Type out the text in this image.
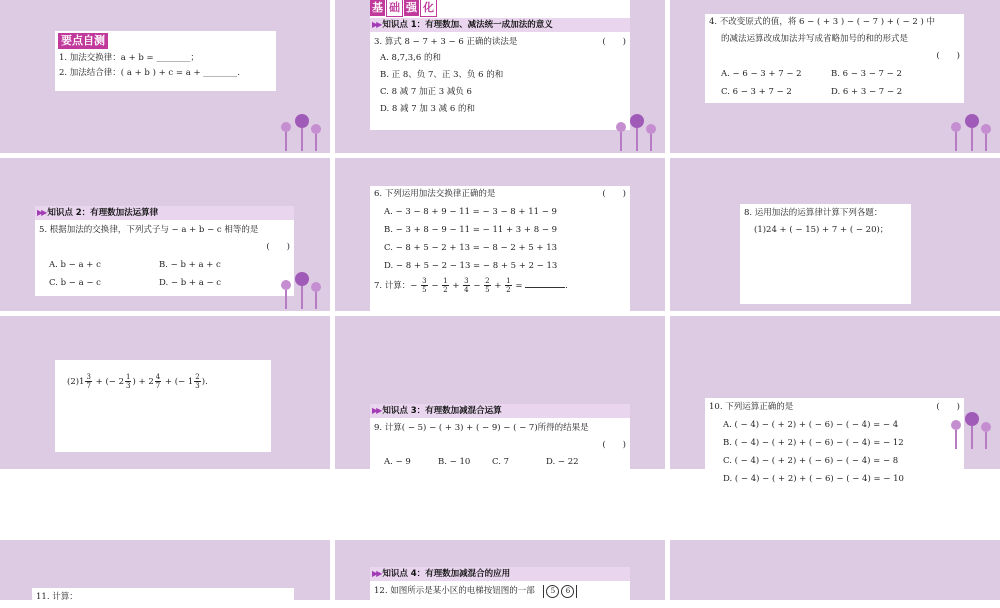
要点自测
1. 加法交换律：a + b = ________；
2. 加法结合律：( a + b ) + c = a + ________.
基 础 强 化
▶▶ 知识点 1：有理数加、减法统一成加法的意义
3. 算式 8 − 7 + 3 − 6 正确的读法是	(　　)
A. 8,7,3,6 的和
B. 正 8、负 7、正 3、负 6 的和
C. 8 减 7 加正 3 减负 6
D. 8 减 7 加 3 减 6 的和
4. 不改变原式的值，将 6 − ( + 3 ) − ( − 7 ) + ( − 2 ) 中
的减法运算改成加法并写成省略加号的和的形式是
(　　)
A. − 6 − 3 + 7 − 2	B. 6 − 3 − 7 − 2
C. 6 − 3 + 7 − 2	D. 6 + 3 − 7 − 2
▶▶ 知识点 2：有理数加法运算律
5. 根据加法的交换律，下列式子与 − a + b − c 相等的是
(　　)
A. b − a + c	B. − b + a + c
C. b − a − c	D. − b + a − c
6. 下列运用加法交换律正确的是	(　　)
A. − 3 − 8 + 9 − 11 = − 3 − 8 + 11 − 9
B. − 3 + 8 − 9 − 11 = − 11 + 3 + 8 − 9
C. − 8 + 5 − 2 + 13 = − 8 − 2 + 5 + 13
D. − 8 + 5 − 2 − 13 = − 8 + 5 + 2 − 13
7. 计算：− $\frac{3}{5} - \frac{1}{2} + \frac{3}{4} - \frac{2}{5} + \frac{1}{2}$ =	.
8. 运用加法的运算律计算下列各题：
(1)24 + ( − 15) + 7 + ( − 20)；
$(2)1 \frac{3}{7}$ + (− $2 \frac{1}{3}$ ) + $2 \frac{4}{7}$ + (− $1 \frac{2}{3}$ ).
▶▶ 知识点 3：有理数加减混合运算
9. 计算( − 5) − ( + 3) + ( − 9) − ( − 7)所得的结果是
(　　)
A. − 9	B. − 10	C. 7	D. − 22
10. 下列运算正确的是	(　　)
A. ( − 4) − ( + 2) + ( − 6) − ( − 4) = − 4
B. ( − 4) − ( + 2) + ( − 6) − ( − 4) = − 12
C. ( − 4) − ( + 2) + ( − 6) − ( − 4) = − 8
D. ( − 4) − ( + 2) + ( − 6) − ( − 4) = − 10
11. 计算：
▶▶ 知识点 4：有理数加减混合的应用
12. 如图所示是某小区的电梯按钮图的一部	5	6
